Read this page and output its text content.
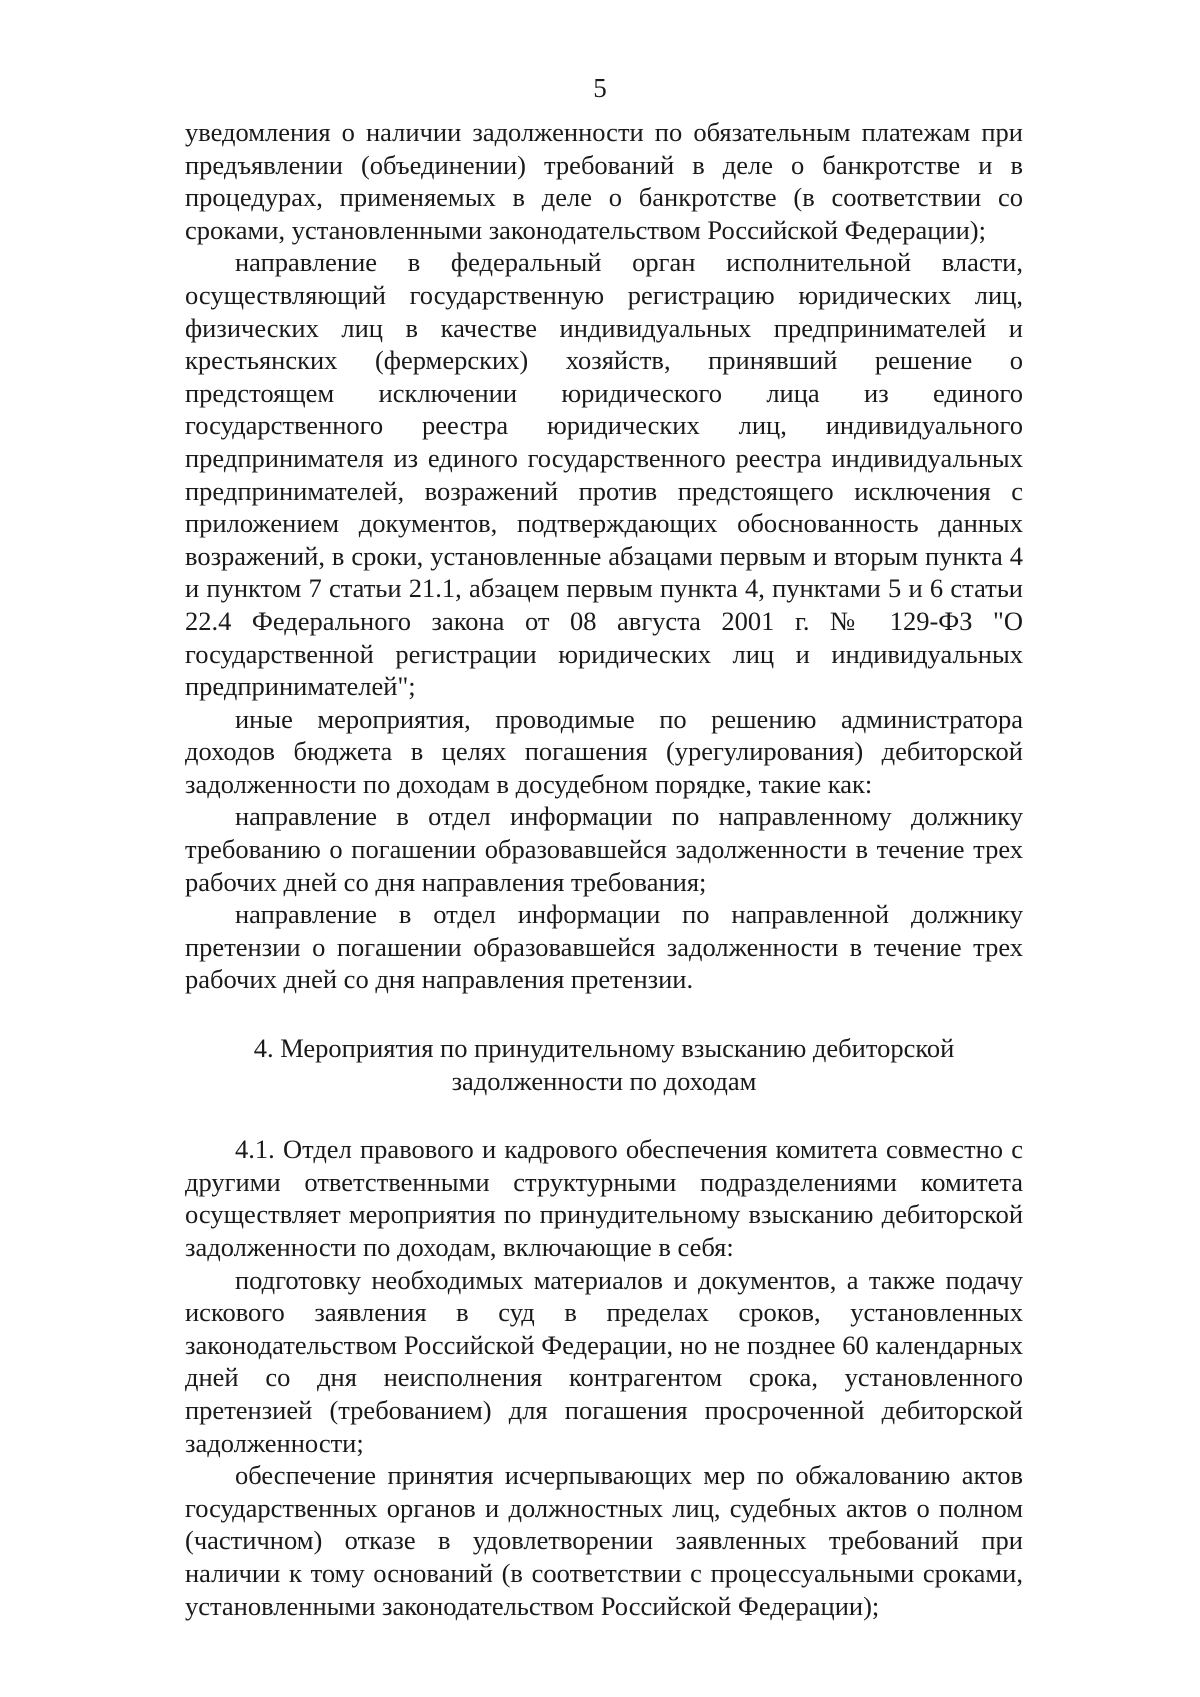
5

уведомления о наличии задолженности по обязательным платежам при предъявлении (объединении) требований в деле о банкротстве и в процедурах, применяемых в деле о банкротстве (в соответствии со сроками, установленными законодательством Российской Федерации);

направление в федеральный орган исполнительной власти, осуществляющий государственную регистрацию юридических лиц, физических лиц в качестве индивидуальных предпринимателей и крестьянских (фермерских) хозяйств, принявший решение о предстоящем исключении юридического лица из единого государственного реестра юридических лиц, индивидуального предпринимателя из единого государственного реестра индивидуальных предпринимателей, возражений против предстоящего исключения с приложением документов, подтверждающих обоснованность данных возражений, в сроки, установленные абзацами первым и вторым пункта 4 и пунктом 7 статьи 21.1, абзацем первым пункта 4, пунктами 5 и 6 статьи 22.4 Федерального закона от 08 августа 2001 г. № 129-ФЗ "О государственной регистрации юридических лиц и индивидуальных предпринимателей";

иные мероприятия, проводимые по решению администратора доходов бюджета в целях погашения (урегулирования) дебиторской задолженности по доходам в досудебном порядке, такие как:

направление в отдел информации по направленному должнику требованию о погашении образовавшейся задолженности в течение трех рабочих дней со дня направления требования;

направление в отдел информации по направленной должнику претензии о погашении образовавшейся задолженности в течение трех рабочих дней со дня направления претензии.

4. Мероприятия по принудительному взысканию дебиторской
задолженности по доходам

4.1. Отдел правового и кадрового обеспечения комитета совместно с другими ответственными структурными подразделениями комитета осуществляет мероприятия по принудительному взысканию дебиторской задолженности по доходам, включающие в себя:

подготовку необходимых материалов и документов, а также подачу искового заявления в суд в пределах сроков, установленных законодательством Российской Федерации, но не позднее 60 календарных дней со дня неисполнения контрагентом срока, установленного претензией (требованием) для погашения просроченной дебиторской задолженности;

обеспечение принятия исчерпывающих мер по обжалованию актов государственных органов и должностных лиц, судебных актов о полном (частичном) отказе в удовлетворении заявленных требований при наличии к тому оснований (в соответствии с процессуальными сроками, установленными законодательством Российской Федерации);
